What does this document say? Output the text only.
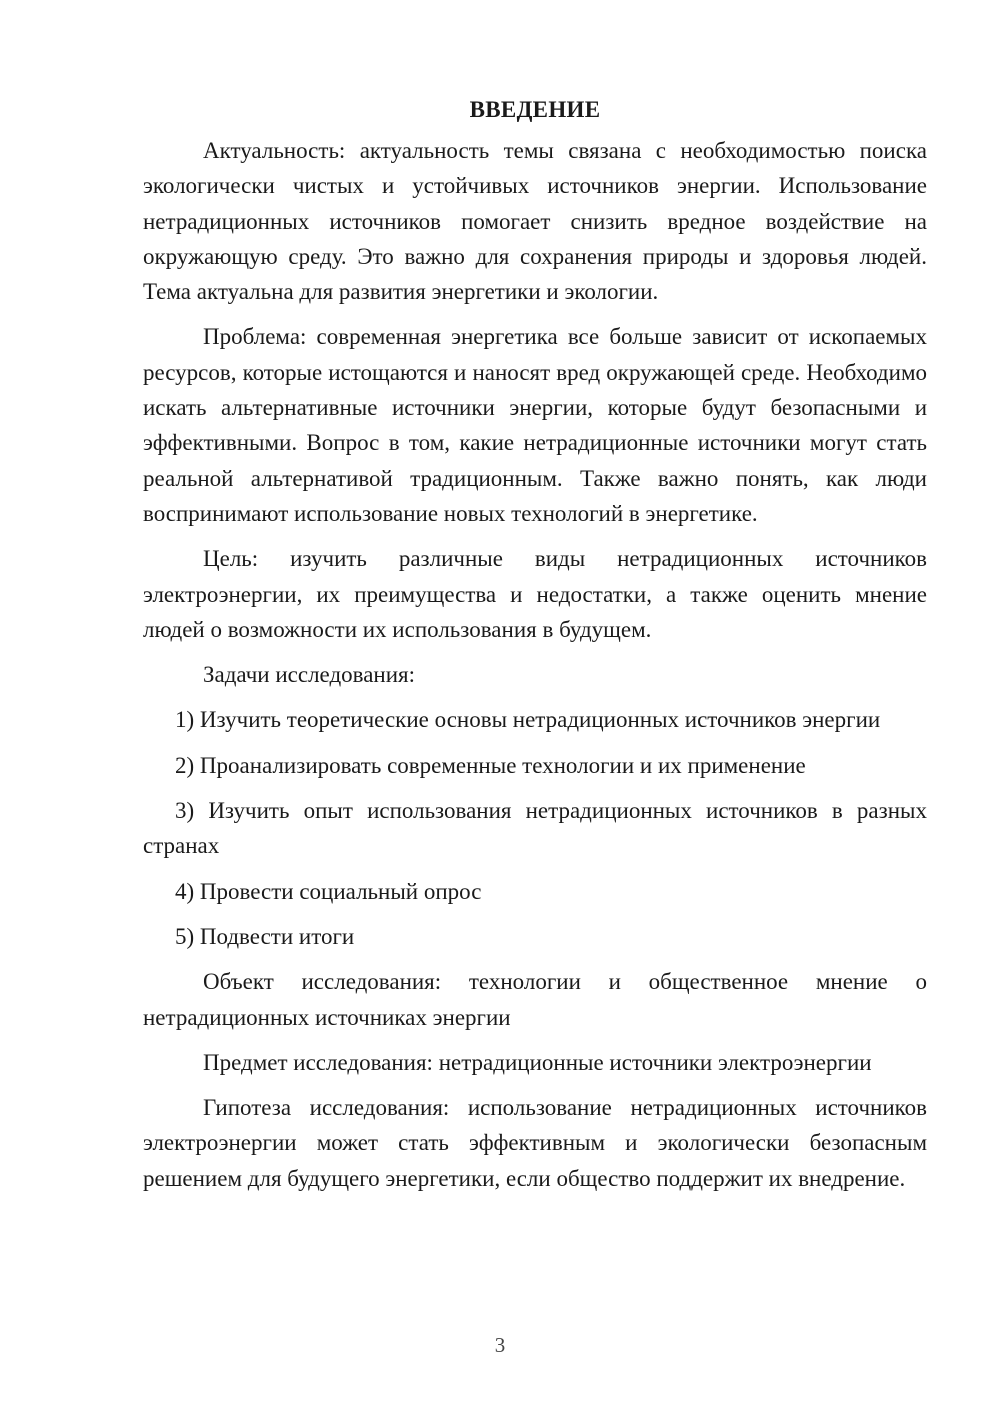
ВВЕДЕНИЕ

Актуальность: актуальность темы связана с необходимостью поиска экологически чистых и устойчивых источников энергии. Использование нетрадиционных источников помогает снизить вредное воздействие на окружающую среду. Это важно для сохранения природы и здоровья людей. Тема актуальна для развития энергетики и экологии.

Проблема: современная энергетика все больше зависит от ископаемых ресурсов, которые истощаются и наносят вред окружающей среде. Необходимо искать альтернативные источники энергии, которые будут безопасными и эффективными. Вопрос в том, какие нетрадиционные источники могут стать реальной альтернативой традиционным. Также важно понять, как люди воспринимают использование новых технологий в энергетике.

Цель: изучить различные виды нетрадиционных источников электроэнергии, их преимущества и недостатки, а также оценить мнение людей о возможности их использования в будущем.

Задачи исследования:

1) Изучить теоретические основы нетрадиционных источников энергии

2) Проанализировать современные технологии и их применение

3) Изучить опыт использования нетрадиционных источников в разных странах

4) Провести социальный опрос

5) Подвести итоги

Объект исследования: технологии и общественное мнение о нетрадиционных источниках энергии

Предмет исследования: нетрадиционные источники электроэнергии

Гипотеза исследования: использование нетрадиционных источников электроэнергии может стать эффективным и экологически безопасным решением для будущего энергетики, если общество поддержит их внедрение.

3
